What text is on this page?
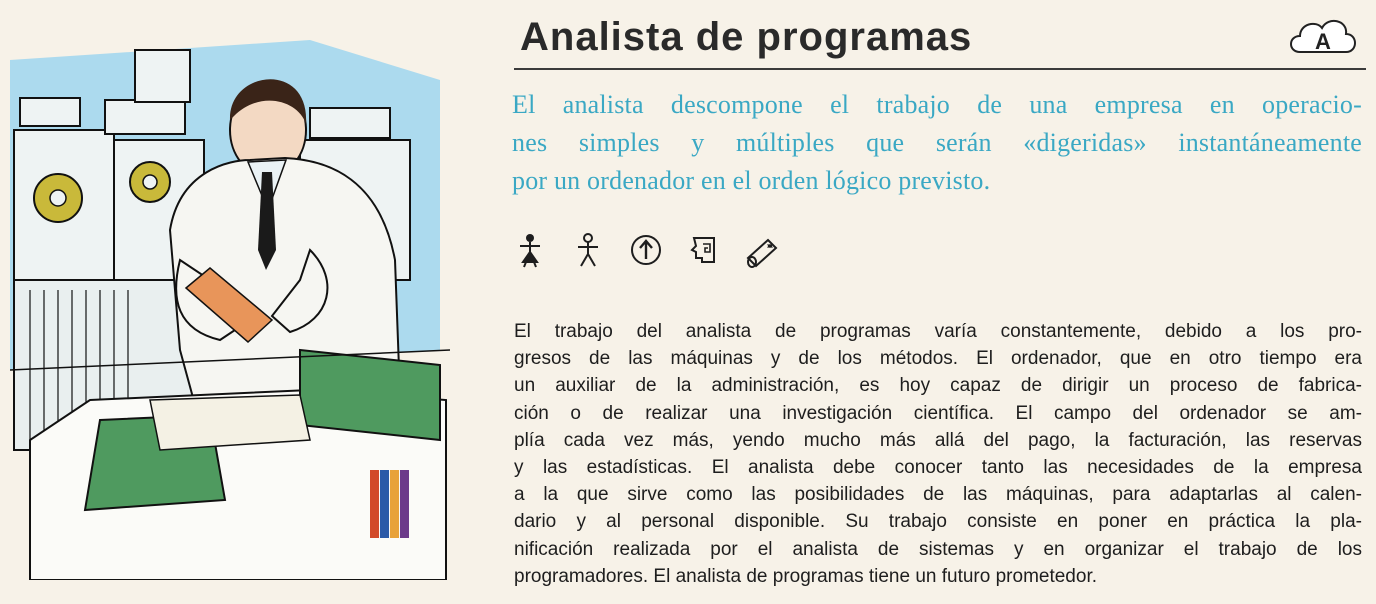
Analista de programas	A

El analista descompone el trabajo de una empresa en operacio-
nes simples y múltiples que serán «digeridas» instantáneamente
por un ordenador en el orden lógico previsto.

El trabajo del analista de programas varía constantemente, debido a los pro-
gresos de las máquinas y de los métodos. El ordenador, que en otro tiempo era
un auxiliar de la administración, es hoy capaz de dirigir un proceso de fabrica-
ción o de realizar una investigación científica. El campo del ordenador se am-
plía cada vez más, yendo mucho más allá del pago, la facturación, las reservas
y las estadísticas. El analista debe conocer tanto las necesidades de la empresa
a la que sirve como las posibilidades de las máquinas, para adaptarlas al calen-
dario y al personal disponible. Su trabajo consiste en poner en práctica la pla-
nificación realizada por el analista de sistemas y en organizar el trabajo de los
programadores. El analista de programas tiene un futuro prometedor.
